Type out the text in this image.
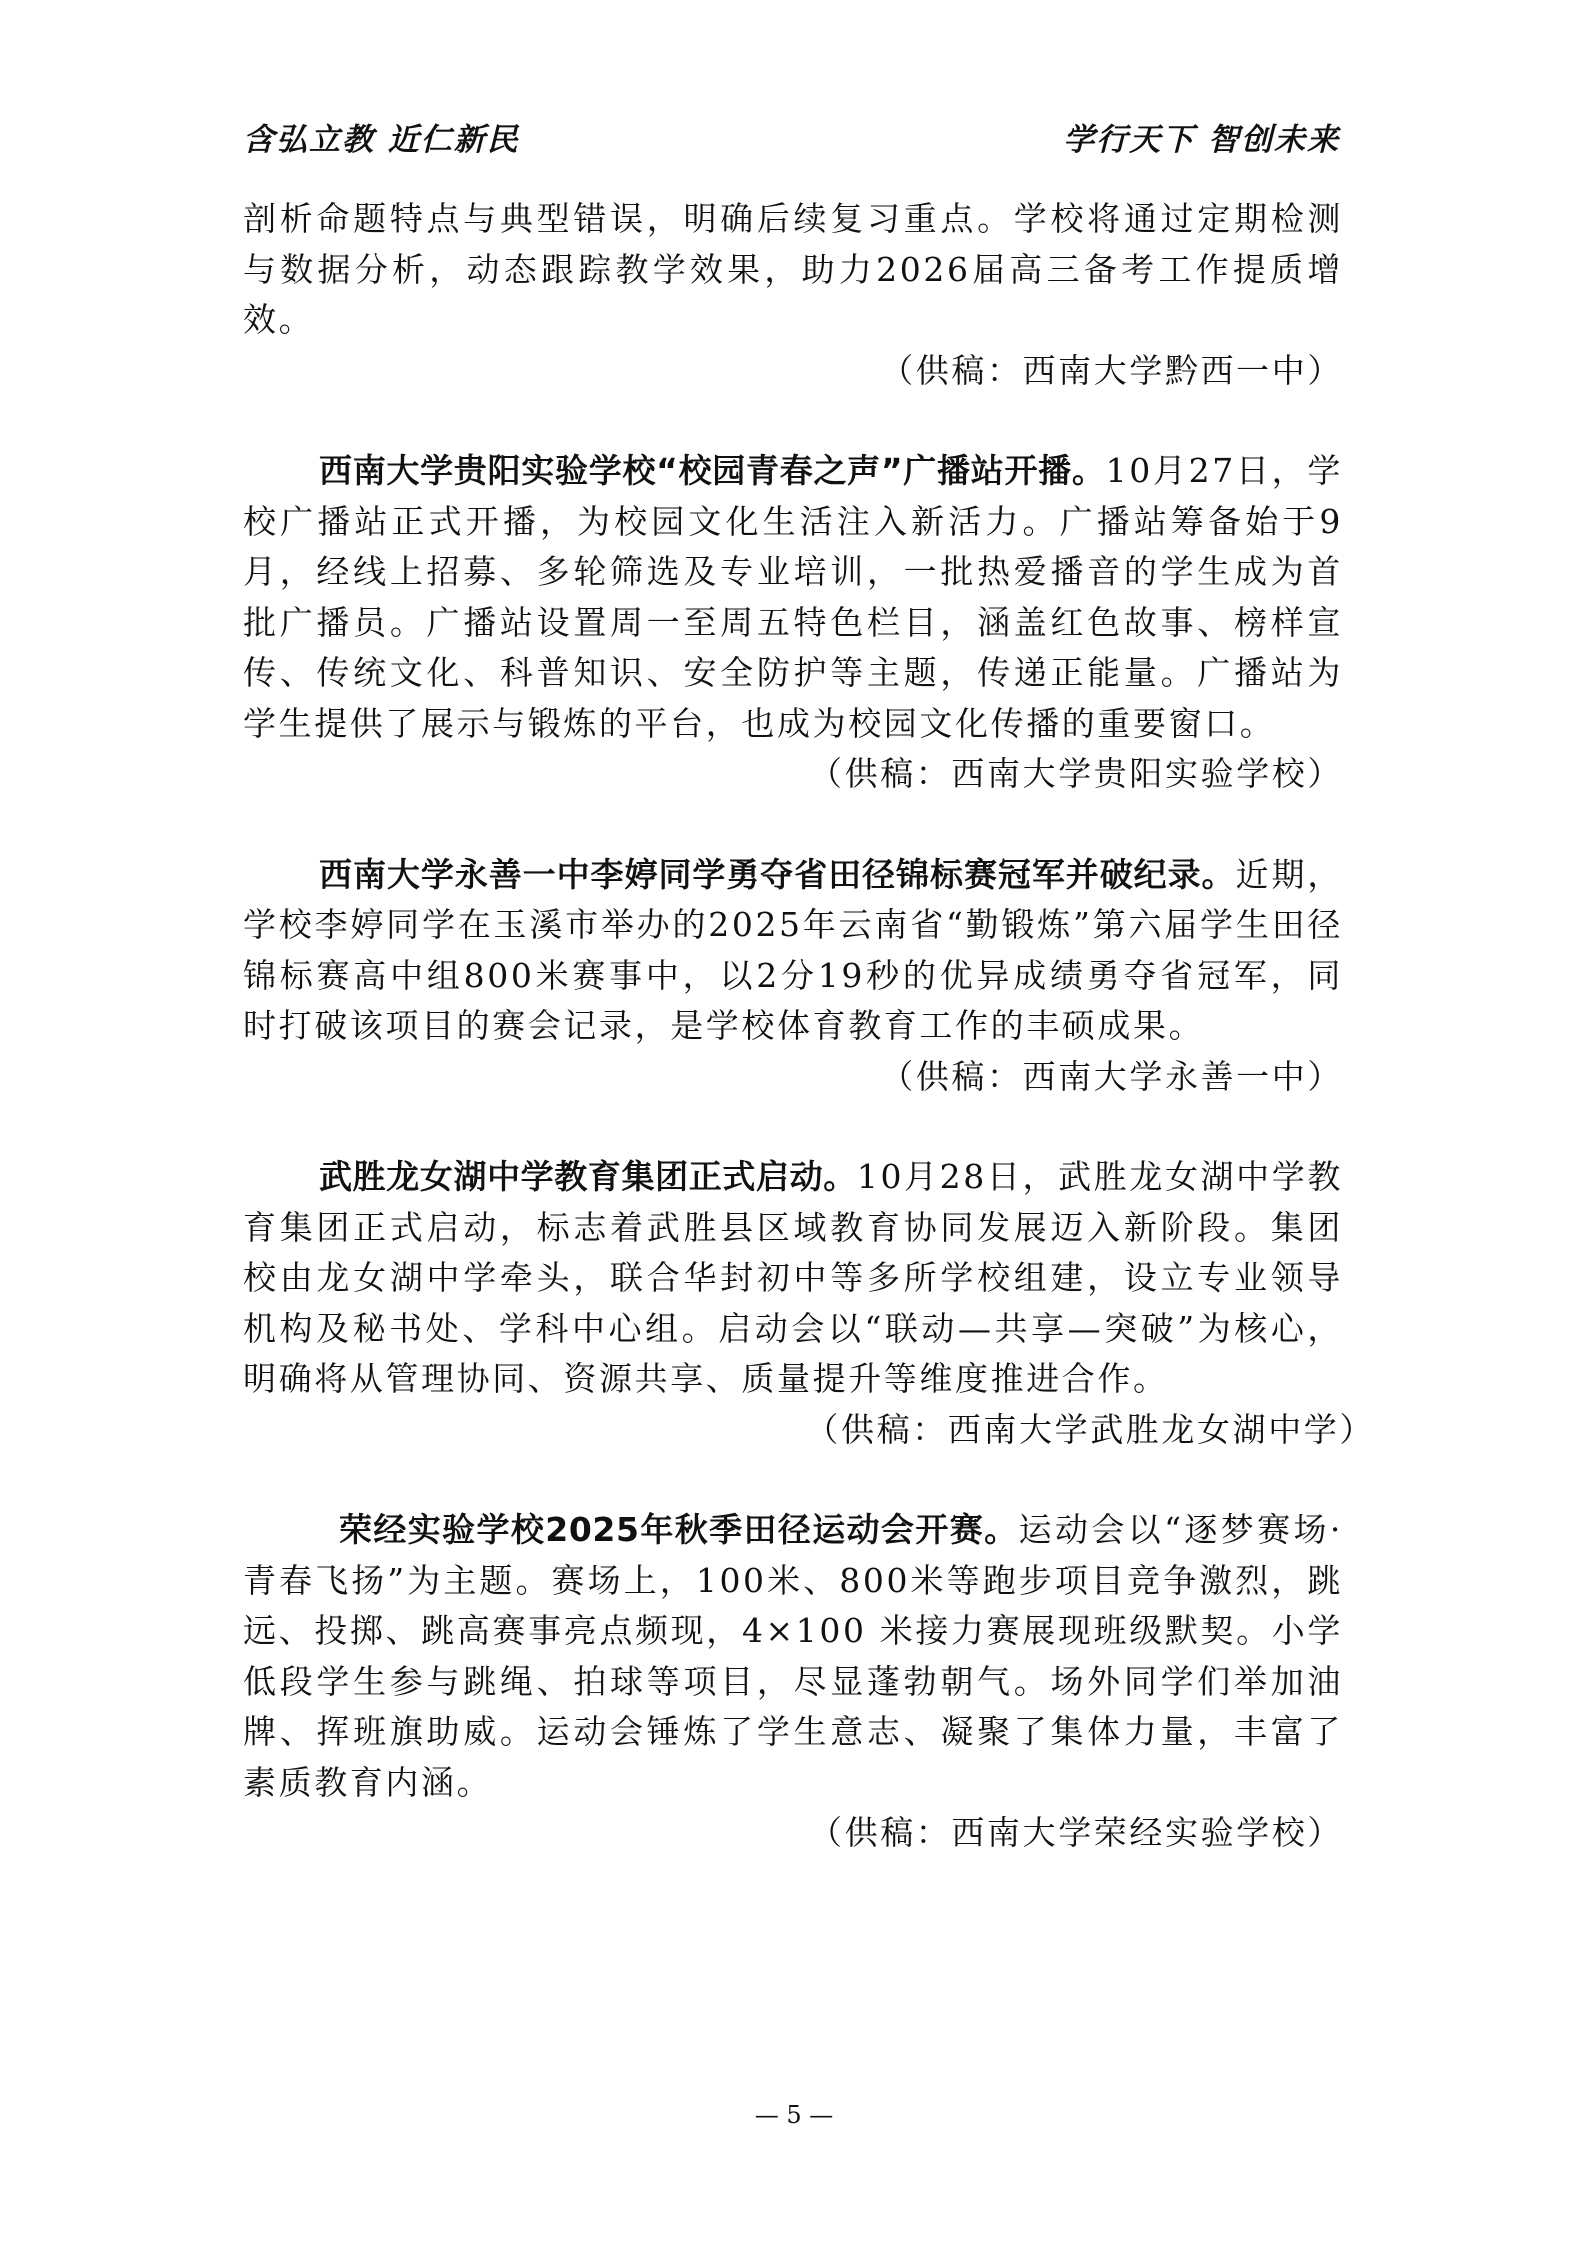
含弘立教 近仁新民	学行天下 智创未来

剖析命题特点与典型错误，明确后续复习重点。学校将通过定期检测与数据分析，动态跟踪教学效果，助力2026届高三备考工作提质增效。

（供稿：西南大学黔西一中）

西南大学贵阳实验学校“校园青春之声”广播站开播。10月27日，学校广播站正式开播，为校园文化生活注入新活力。广播站筹备始于9月，经线上招募、多轮筛选及专业培训，一批热爱播音的学生成为首批广播员。广播站设置周一至周五特色栏目，涵盖红色故事、榜样宣传、传统文化、科普知识、安全防护等主题，传递正能量。广播站为学生提供了展示与锻炼的平台，也成为校园文化传播的重要窗口。

（供稿：西南大学贵阳实验学校）

西南大学永善一中李婷同学勇夺省田径锦标赛冠军并破纪录。近期，学校李婷同学在玉溪市举办的2025年云南省“勤锻炼”第六届学生田径锦标赛高中组800米赛事中，以2分19秒的优异成绩勇夺省冠军，同时打破该项目的赛会记录，是学校体育教育工作的丰硕成果。

（供稿：西南大学永善一中）

武胜龙女湖中学教育集团正式启动。10月28日，武胜龙女湖中学教育集团正式启动，标志着武胜县区域教育协同发展迈入新阶段。集团校由龙女湖中学牵头，联合华封初中等多所学校组建，设立专业领导机构及秘书处、学科中心组。启动会以“联动—共享—突破”为核心，明确将从管理协同、资源共享、质量提升等维度推进合作。

（供稿：西南大学武胜龙女湖中学）

荣经实验学校2025年秋季田径运动会开赛。运动会以“逐梦赛场·青春飞扬”为主题。赛场上，100米、800米等跑步项目竞争激烈，跳远、投掷、跳高赛事亮点频现，4×100 米接力赛展现班级默契。小学低段学生参与跳绳、拍球等项目，尽显蓬勃朝气。场外同学们举加油牌、挥班旗助威。运动会锤炼了学生意志、凝聚了集体力量，丰富了素质教育内涵。

（供稿：西南大学荣经实验学校）

— 5 —
